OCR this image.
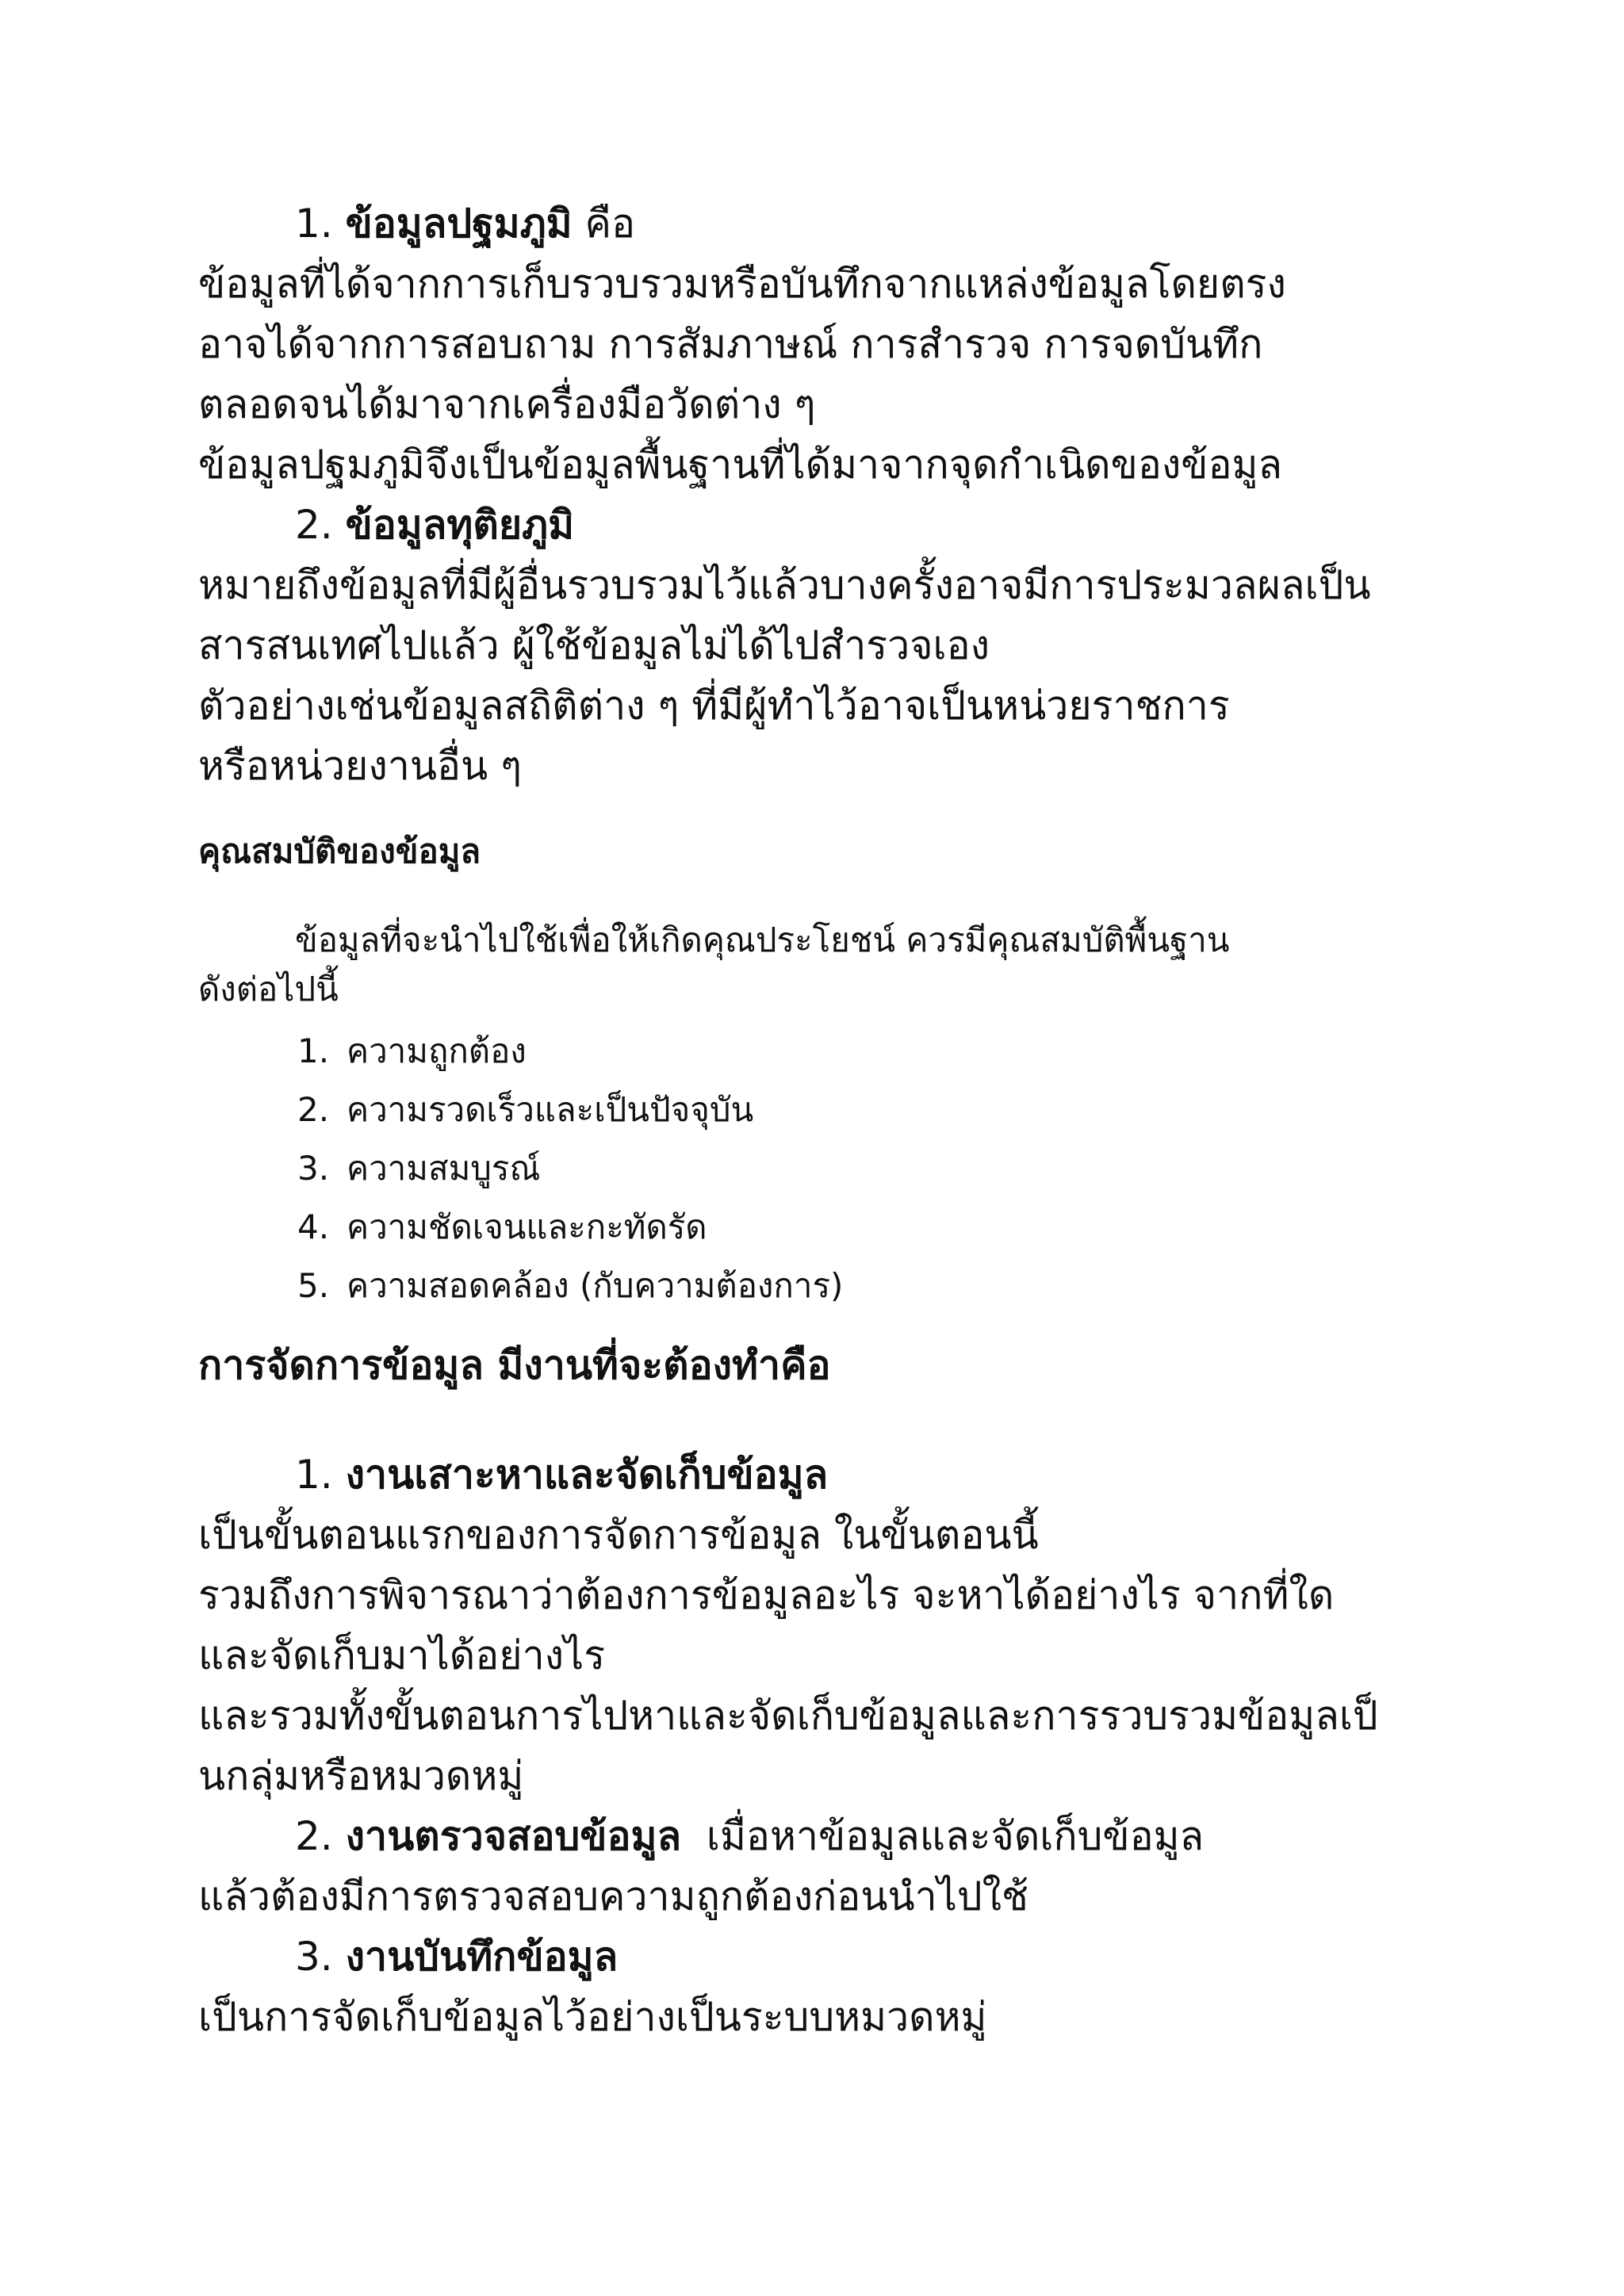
1. ข้อมูลปฐมภูมิ คือ
ข้อมูลที่ได้จากการเก็บรวบรวมหรือบันทึกจากแหล่งข้อมูลโดยตรง
อาจได้จากการสอบถาม การสัมภาษณ์ การสำรวจ การจดบันทึก
ตลอดจนได้มาจากเครื่องมือวัดต่าง ๆ
ข้อมูลปฐมภูมิจึงเป็นข้อมูลพื้นฐานที่ได้มาจากจุดกำเนิดของข้อมูล
2. ข้อมูลทุติยภูมิ
หมายถึงข้อมูลที่มีผู้อื่นรวบรวมไว้แล้วบางครั้งอาจมีการประมวลผลเป็น
สารสนเทศไปแล้ว ผู้ใช้ข้อมูลไม่ได้ไปสำรวจเอง
ตัวอย่างเช่นข้อมูลสถิติต่าง ๆ ที่มีผู้ทำไว้อาจเป็นหน่วยราชการ
หรือหน่วยงานอื่น ๆ
คุณสมบัติของข้อมูล
ข้อมูลที่จะนำไปใช้เพื่อให้เกิดคุณประโยชน์ ควรมีคุณสมบัติพื้นฐาน
ดังต่อไปนี้
1. ความถูกต้อง
2. ความรวดเร็วและเป็นปัจจุบัน
3. ความสมบูรณ์
4. ความชัดเจนและกะทัดรัด
5. ความสอดคล้อง (กับความต้องการ)
การจัดการข้อมูล มีงานที่จะต้องทำคือ
1. งานเสาะหาและจัดเก็บข้อมูล
เป็นขั้นตอนแรกของการจัดการข้อมูล ในขั้นตอนนี้
รวมถึงการพิจารณาว่าต้องการข้อมูลอะไร จะหาได้อย่างไร จากที่ใด
และจัดเก็บมาได้อย่างไร
และรวมทั้งขั้นตอนการไปหาและจัดเก็บข้อมูลและการรวบรวมข้อมูลเป็
นกลุ่มหรือหมวดหมู่
2. งานตรวจสอบข้อมูล  เมื่อหาข้อมูลและจัดเก็บข้อมูล
แล้วต้องมีการตรวจสอบความถูกต้องก่อนนำไปใช้
3. งานบันทึกข้อมูล
เป็นการจัดเก็บข้อมูลไว้อย่างเป็นระบบหมวดหมู่
